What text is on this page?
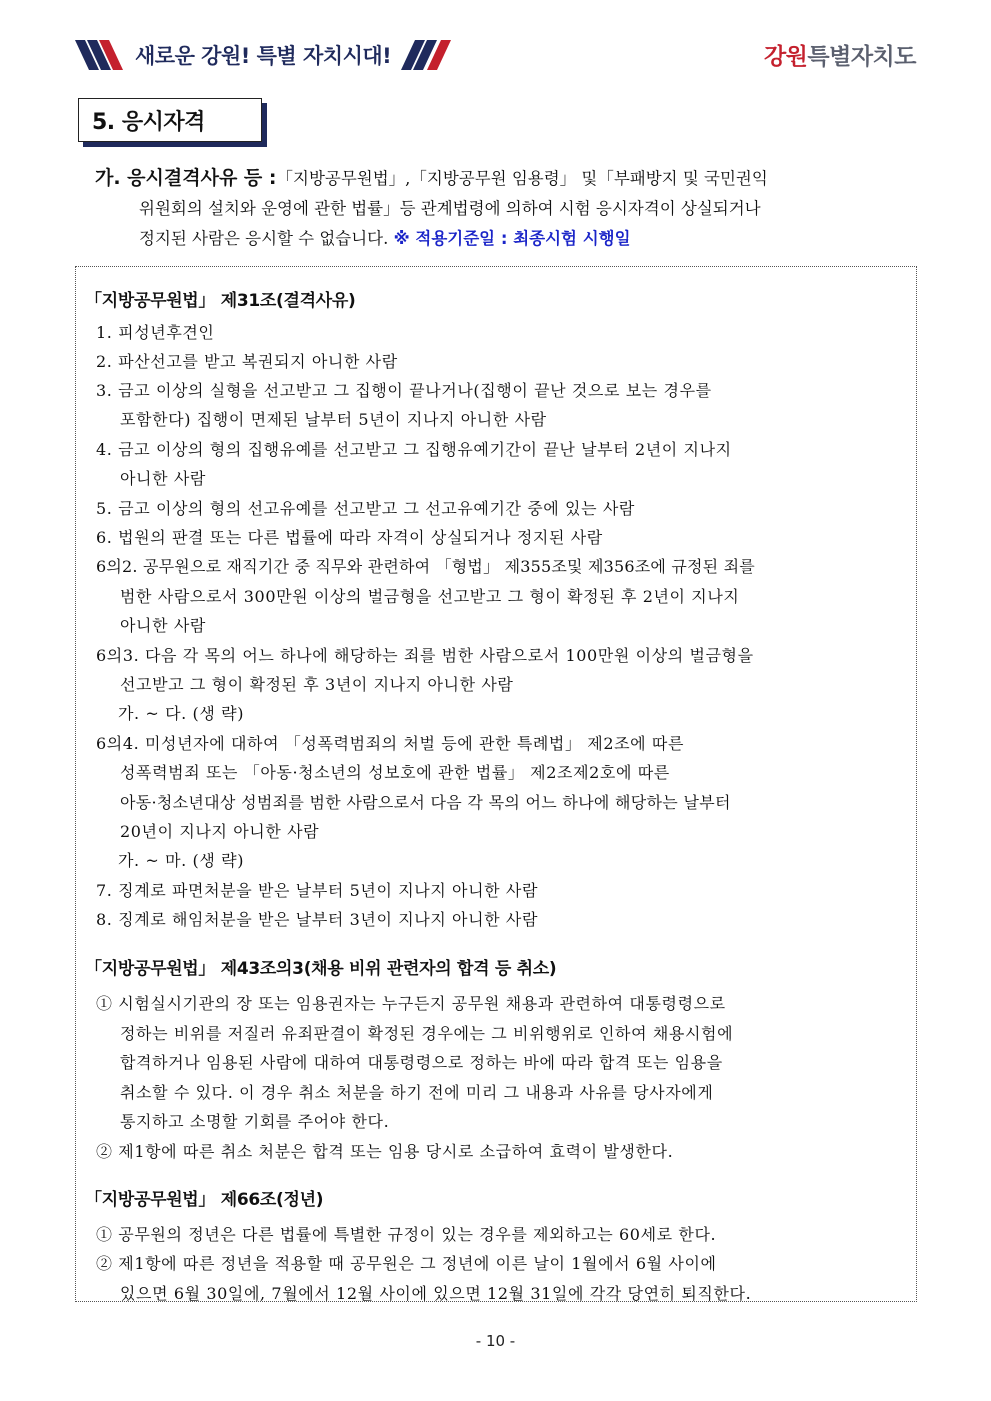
새로운 강원! 특별 자치시대!	강원특별자치도
5. 응시자격
가. 응시결격사유 등 :「지방공무원법」,「지방공무원 임용령」 및「부패방지 및 국민권익
위원회의 설치와 운영에 관한 법률」등 관계법령에 의하여 시험 응시자격이 상실되거나
정지된 사람은 응시할 수 없습니다. ※ 적용기준일 : 최종시험 시행일
「지방공무원법」 제31조(결격사유)
1. 피성년후견인
2. 파산선고를 받고 복권되지 아니한 사람
3. 금고 이상의 실형을 선고받고 그 집행이 끝나거나(집행이 끝난 것으로 보는 경우를
포함한다) 집행이 면제된 날부터 5년이 지나지 아니한 사람
4. 금고 이상의 형의 집행유예를 선고받고 그 집행유예기간이 끝난 날부터 2년이 지나지
아니한 사람
5. 금고 이상의 형의 선고유예를 선고받고 그 선고유예기간 중에 있는 사람
6. 법원의 판결 또는 다른 법률에 따라 자격이 상실되거나 정지된 사람
6의2. 공무원으로 재직기간 중 직무와 관련하여 「형법」 제355조및 제356조에 규정된 죄를
범한 사람으로서 300만원 이상의 벌금형을 선고받고 그 형이 확정된 후 2년이 지나지
아니한 사람
6의3. 다음 각 목의 어느 하나에 해당하는 죄를 범한 사람으로서 100만원 이상의 벌금형을
선고받고 그 형이 확정된 후 3년이 지나지 아니한 사람
가. ~ 다. (생 략)
6의4. 미성년자에 대하여 「성폭력범죄의 처벌 등에 관한 특례법」 제2조에 따른
성폭력범죄 또는 「아동·청소년의 성보호에 관한 법률」 제2조제2호에 따른
아동·청소년대상 성범죄를 범한 사람으로서 다음 각 목의 어느 하나에 해당하는 날부터
20년이 지나지 아니한 사람
가. ~ 마. (생 략)
7. 징계로 파면처분을 받은 날부터 5년이 지나지 아니한 사람
8. 징계로 해임처분을 받은 날부터 3년이 지나지 아니한 사람
「지방공무원법」 제43조의3(채용 비위 관련자의 합격 등 취소)
① 시험실시기관의 장 또는 임용권자는 누구든지 공무원 채용과 관련하여 대통령령으로
정하는 비위를 저질러 유죄판결이 확정된 경우에는 그 비위행위로 인하여 채용시험에
합격하거나 임용된 사람에 대하여 대통령령으로 정하는 바에 따라 합격 또는 임용을
취소할 수 있다. 이 경우 취소 처분을 하기 전에 미리 그 내용과 사유를 당사자에게
통지하고 소명할 기회를 주어야 한다.
② 제1항에 따른 취소 처분은 합격 또는 임용 당시로 소급하여 효력이 발생한다.
「지방공무원법」 제66조(정년)
① 공무원의 정년은 다른 법률에 특별한 규정이 있는 경우를 제외하고는 60세로 한다.
② 제1항에 따른 정년을 적용할 때 공무원은 그 정년에 이른 날이 1월에서 6월 사이에
있으면 6월 30일에, 7월에서 12월 사이에 있으면 12월 31일에 각각 당연히 퇴직한다.
- 10 -
